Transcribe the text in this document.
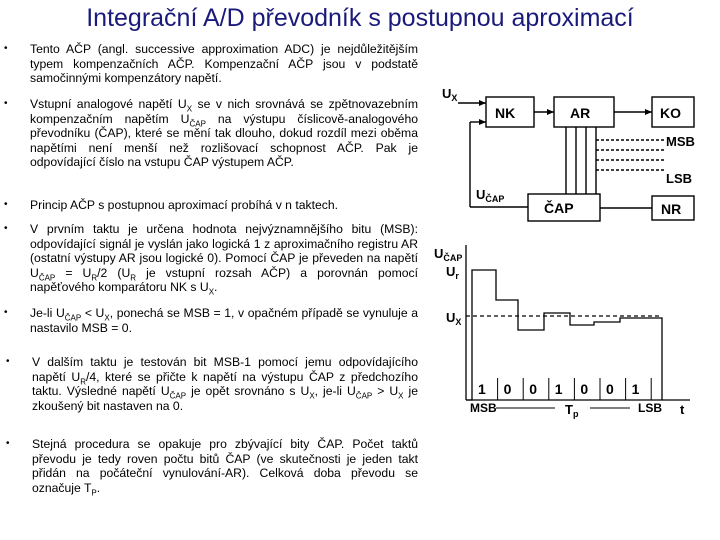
Integrační A/D převodník s postupnou aproximací
• Tento AČP (angl. successive approximation ADC) je nejdůležitějším typem kompenzačních AČP. Kompenzační AČP jsou v podstatě samočinnými kompenzátory napětí.

• Vstupní analogové napětí $U_X$ se v nich srovnává se zpětnovazebním kompenzačním napětím $U_{ČAP}$ na výstupu číslicově-analogového převodníku (ČAP), které se mění tak dlouho, dokud rozdíl mezi oběma napětími není menší než rozlišovací schopnost AČP. Pak je odpovídající číslo na vstupu ČAP výstupem AČP.

• Princip AČP s postupnou aproximací probíhá v n taktech.

• V prvním taktu je určena hodnota nejvýznamnějšího bitu (MSB): odpovídající signál je vyslán jako logická 1 z aproximačního registru AR (ostatní výstupy AR jsou logické 0). Pomocí ČAP je převeden na napětí $U_{ČAP} = U_R/2$ ($U_R$ je vstupní rozsah AČP) a porovnán pomocí napěťového komparátoru NK s $U_X$.

• Je-li $U_{ČAP} < U_X$, ponechá se MSB = 1, v opačném případě se vynuluje a nastavilo MSB = 0.

• V dalším taktu je testován bit MSB-1 pomocí jemu odpovídajícího napětí $U_R/4$, které se přičte k napětí na výstupu ČAP z předchozího taktu. Výsledné napětí $U_{ČAP}$ je opět srovnáno s $U_X$, je-li $U_{ČAP} > U_X$ je zkoušený bit nastaven na 0.

• Stejná procedura se opakuje pro zbývající bity ČAP. Počet taktů převodu je tedy roven počtu bitů ČAP (ve skutečnosti je jeden takt přidán na počáteční vynulování-AR). Celková doba převodu se označuje $T_P$.

NK	AR	KO
ČAP	NR
MSB
LSB
$U_X$
$U_{ČAP}$
$U_{ČAP}$
$U_r$
$U_X$
MSB	LSB
$T_p$	t
1 0 0 1 0 0 1
